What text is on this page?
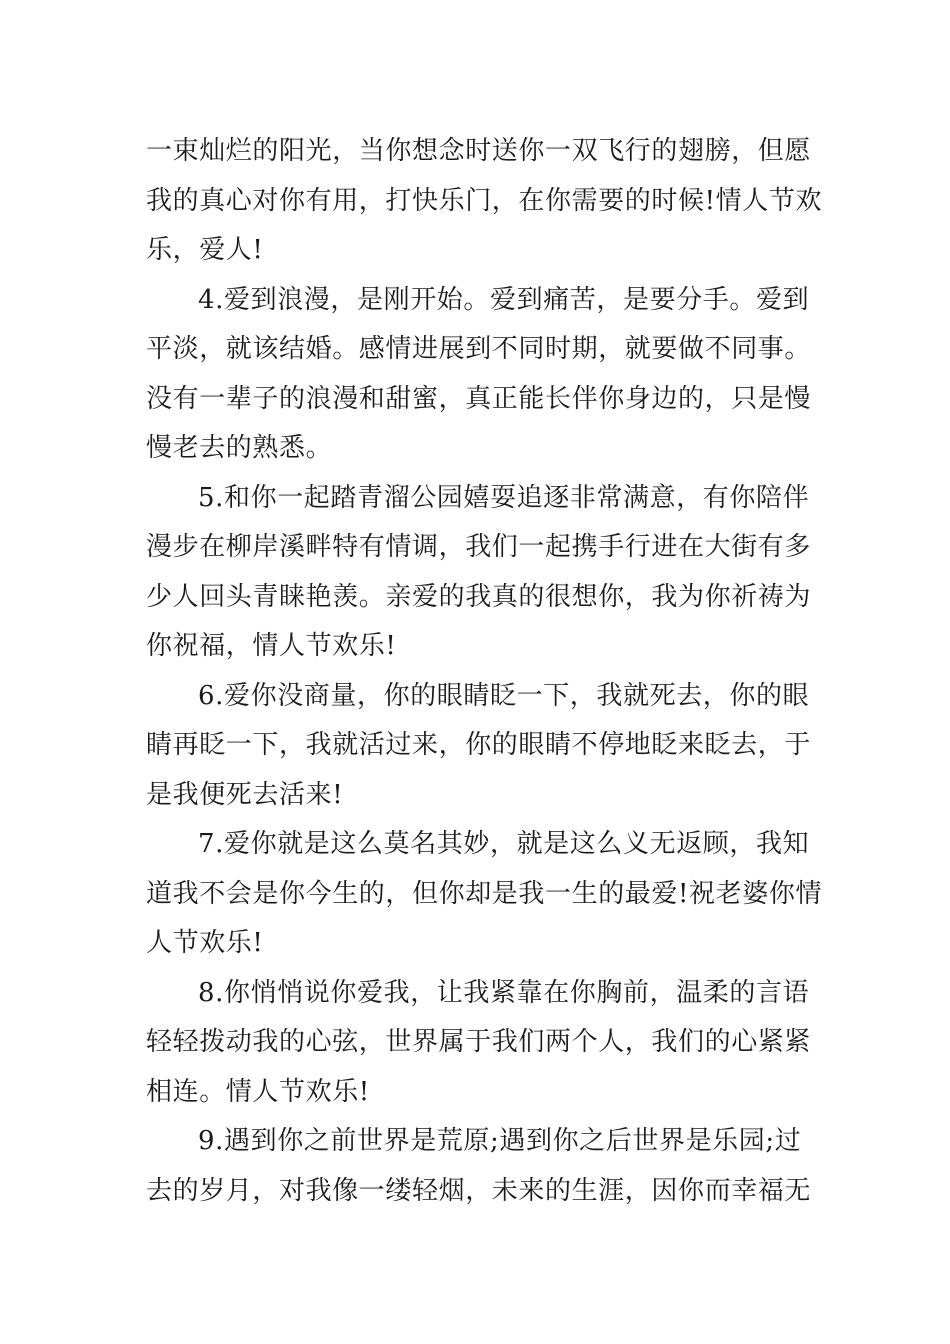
一束灿烂的阳光，当你想念时送你一双飞行的翅膀，但愿
我的真心对你有用，打快乐门，在你需要的时候!情人节欢
乐，爱人!
4.爱到浪漫，是刚开始。爱到痛苦，是要分手。爱到
平淡，就该结婚。感情进展到不同时期，就要做不同事。
没有一辈子的浪漫和甜蜜，真正能长伴你身边的，只是慢
慢老去的熟悉。
5.和你一起踏青溜公园嬉耍追逐非常满意，有你陪伴
漫步在柳岸溪畔特有情调，我们一起携手行进在大街有多
少人回头青睐艳羡。亲爱的我真的很想你，我为你祈祷为
你祝福，情人节欢乐!
6.爱你没商量，你的眼睛眨一下，我就死去，你的眼
睛再眨一下，我就活过来，你的眼睛不停地眨来眨去，于
是我便死去活来!
7.爱你就是这么莫名其妙，就是这么义无返顾，我知
道我不会是你今生的，但你却是我一生的最爱!祝老婆你情
人节欢乐!
8.你悄悄说你爱我，让我紧靠在你胸前，温柔的言语
轻轻拨动我的心弦，世界属于我们两个人，我们的心紧紧
相连。情人节欢乐!
9.遇到你之前世界是荒原;遇到你之后世界是乐园;过
去的岁月，对我像一缕轻烟，未来的生涯，因你而幸福无
